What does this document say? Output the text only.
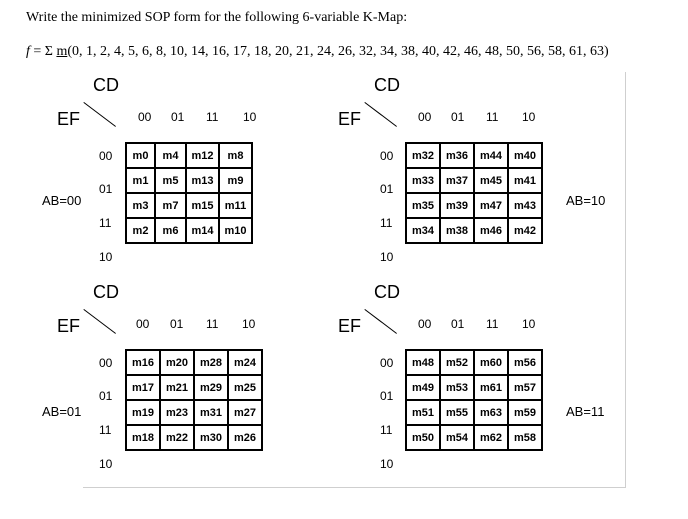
Write the minimized SOP form for the following 6-variable K-Map:
f = Σ m(0, 1, 2, 4, 5, 6, 8, 10, 14, 16, 17, 18, 20, 21, 24, 26, 32, 34, 38, 40, 42, 46, 48, 50, 56, 58, 61, 63)
CD
EF	00 01 11 10
00
01
11
10
AB=00
m0	m4	m12	m8
m1	m5	m13	m9
m3	m7	m15	m11
m2	m6	m14	m10
CD
EF	00 01 11 10
00
01
11
10
AB=10
m32	m36	m44	m40
m33	m37	m45	m41
m35	m39	m47	m43
m34	m38	m46	m42
CD
EF	00 01 11 10
00
01
11
10
AB=01
m16	m20	m28	m24
m17	m21	m29	m25
m19	m23	m31	m27
m18	m22	m30	m26
CD
EF	00 01 11 10
00
01
11
10
AB=11
m48	m52	m60	m56
m49	m53	m61	m57
m51	m55	m63	m59
m50	m54	m62	m58
